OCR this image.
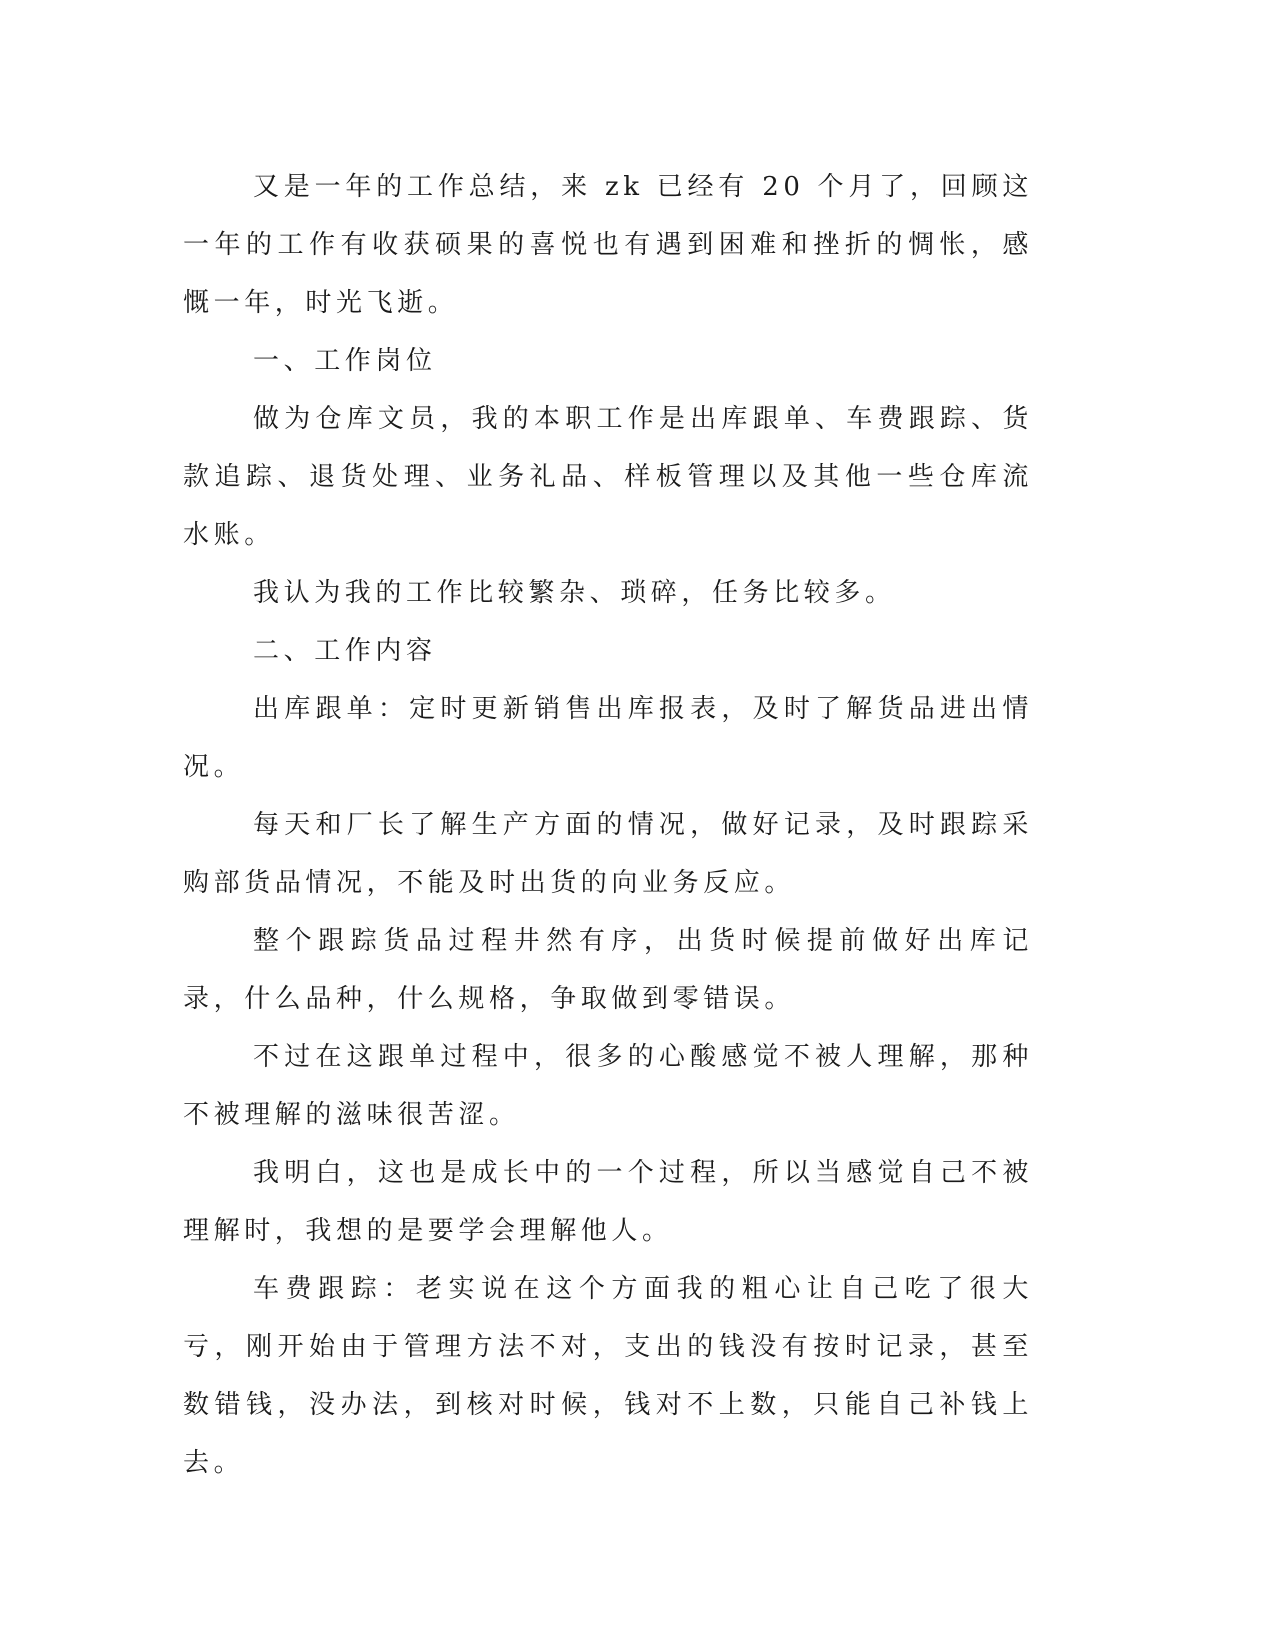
又是一年的工作总结，来 zk 已经有 20 个月了，回顾这一年的工作有收获硕果的喜悦也有遇到困难和挫折的惆怅，感慨一年，时光飞逝。

一、工作岗位

做为仓库文员，我的本职工作是出库跟单、车费跟踪、货款追踪、退货处理、业务礼品、样板管理以及其他一些仓库流水账。

我认为我的工作比较繁杂、琐碎，任务比较多。

二、工作内容

出库跟单：定时更新销售出库报表，及时了解货品进出情况。

每天和厂长了解生产方面的情况，做好记录，及时跟踪采购部货品情况，不能及时出货的向业务反应。

整个跟踪货品过程井然有序，出货时候提前做好出库记录，什么品种，什么规格，争取做到零错误。

不过在这跟单过程中，很多的心酸感觉不被人理解，那种不被理解的滋味很苦涩。

我明白，这也是成长中的一个过程，所以当感觉自己不被理解时，我想的是要学会理解他人。

车费跟踪：老实说在这个方面我的粗心让自己吃了很大亏，刚开始由于管理方法不对，支出的钱没有按时记录，甚至数错钱，没办法，到核对时候，钱对不上数，只能自己补钱上去。
